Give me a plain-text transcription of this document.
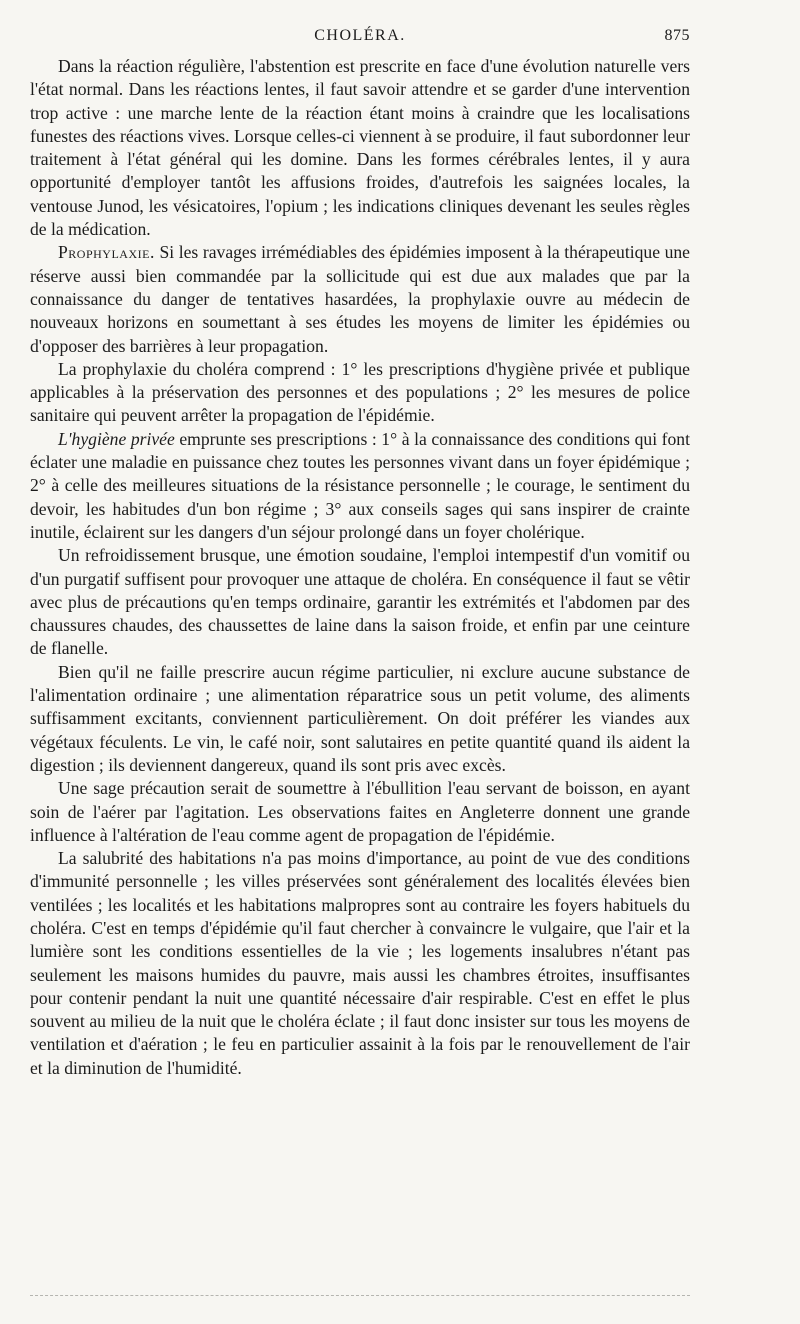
CHOLÉRA.	875

Dans la réaction régulière, l'abstention est prescrite en face d'une évolution naturelle vers l'état normal. Dans les réactions lentes, il faut savoir attendre et se garder d'une intervention trop active : une marche lente de la réaction étant moins à craindre que les localisations funestes des réactions vives. Lorsque celles-ci viennent à se produire, il faut subordonner leur traitement à l'état général qui les domine. Dans les formes cérébrales lentes, il y aura opportunité d'employer tantôt les affusions froides, d'autrefois les saignées locales, la ventouse Junod, les vésicatoires, l'opium ; les indications cliniques devenant les seules règles de la médication.

Prophylaxie. Si les ravages irrémédiables des épidémies imposent à la thérapeutique une réserve aussi bien commandée par la sollicitude qui est due aux malades que par la connaissance du danger de tentatives hasardées, la prophylaxie ouvre au médecin de nouveaux horizons en soumettant à ses études les moyens de limiter les épidémies ou d'opposer des barrières à leur propagation.

La prophylaxie du choléra comprend : 1° les prescriptions d'hygiène privée et publique applicables à la préservation des personnes et des populations ; 2° les mesures de police sanitaire qui peuvent arrêter la propagation de l'épidémie.

L'hygiène privée emprunte ses prescriptions : 1° à la connaissance des conditions qui font éclater une maladie en puissance chez toutes les personnes vivant dans un foyer épidémique ; 2° à celle des meilleures situations de la résistance personnelle ; le courage, le sentiment du devoir, les habitudes d'un bon régime ; 3° aux conseils sages qui sans inspirer de crainte inutile, éclairent sur les dangers d'un séjour prolongé dans un foyer cholérique.

Un refroidissement brusque, une émotion soudaine, l'emploi intempestif d'un vomitif ou d'un purgatif suffisent pour provoquer une attaque de choléra. En conséquence il faut se vêtir avec plus de précautions qu'en temps ordinaire, garantir les extrémités et l'abdomen par des chaussures chaudes, des chaussettes de laine dans la saison froide, et enfin par une ceinture de flanelle.

Bien qu'il ne faille prescrire aucun régime particulier, ni exclure aucune substance de l'alimentation ordinaire ; une alimentation réparatrice sous un petit volume, des aliments suffisamment excitants, conviennent particulièrement. On doit préférer les viandes aux végétaux féculents. Le vin, le café noir, sont salutaires en petite quantité quand ils aident la digestion ; ils deviennent dangereux, quand ils sont pris avec excès.

Une sage précaution serait de soumettre à l'ébullition l'eau servant de boisson, en ayant soin de l'aérer par l'agitation. Les observations faites en Angleterre donnent une grande influence à l'altération de l'eau comme agent de propagation de l'épidémie.

La salubrité des habitations n'a pas moins d'importance, au point de vue des conditions d'immunité personnelle ; les villes préservées sont généralement des localités élevées bien ventilées ; les localités et les habitations malpropres sont au contraire les foyers habituels du choléra. C'est en temps d'épidémie qu'il faut chercher à convaincre le vulgaire, que l'air et la lumière sont les conditions essentielles de la vie ; les logements insalubres n'étant pas seulement les maisons humides du pauvre, mais aussi les chambres étroites, insuffisantes pour contenir pendant la nuit une quantité nécessaire d'air respirable. C'est en effet le plus souvent au milieu de la nuit que le choléra éclate ; il faut donc insister sur tous les moyens de ventilation et d'aération ; le feu en particulier assainit à la fois par le renouvellement de l'air et la diminution de l'humidité.
